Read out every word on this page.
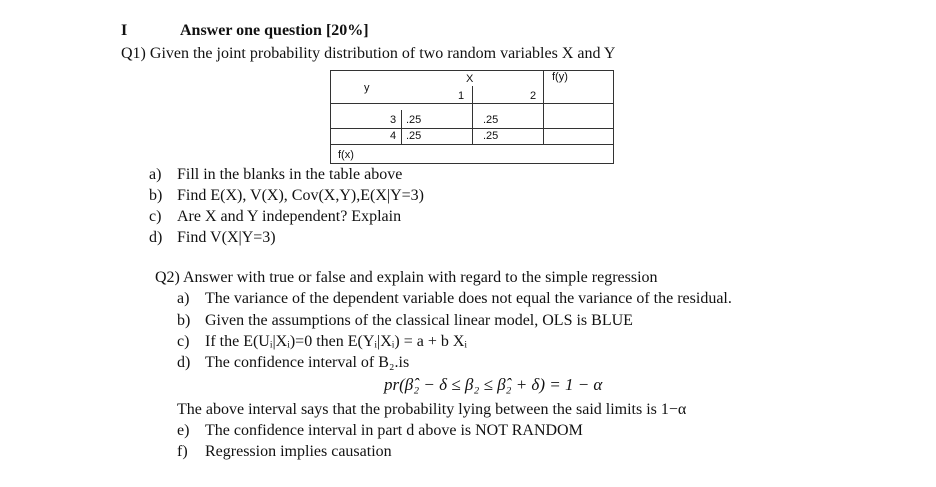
I	Answer one question [20%]
Q1) Given the joint probability distribution of two random variables X and Y
X	f(y)
y
1	2
3 .25	.25
4 .25	.25
f(x)
a) Fill in the blanks in the table above
b) Find E(X), V(X), Cov(X,Y),E(X|Y=3)
c) Are X and Y independent? Explain
d) Find V(X|Y=3)
Q2) Answer with true or false and explain with regard to the simple regression
a) The variance of the dependent variable does not equal the variance of the residual.
b) Given the assumptions of the classical linear model, OLS is BLUE
c) If the E(Uᵢ|Xᵢ)=0 then E(Yᵢ|Xᵢ) = a + b Xᵢ
d) The confidence interval of B₂.is
pr(β̂₂ − δ ≤ β₂ ≤ β̂₂ + δ) = 1 − α
The above interval says that the probability lying between the said limits is 1−α
e) The confidence interval in part d above is NOT RANDOM
f) Regression implies causation
